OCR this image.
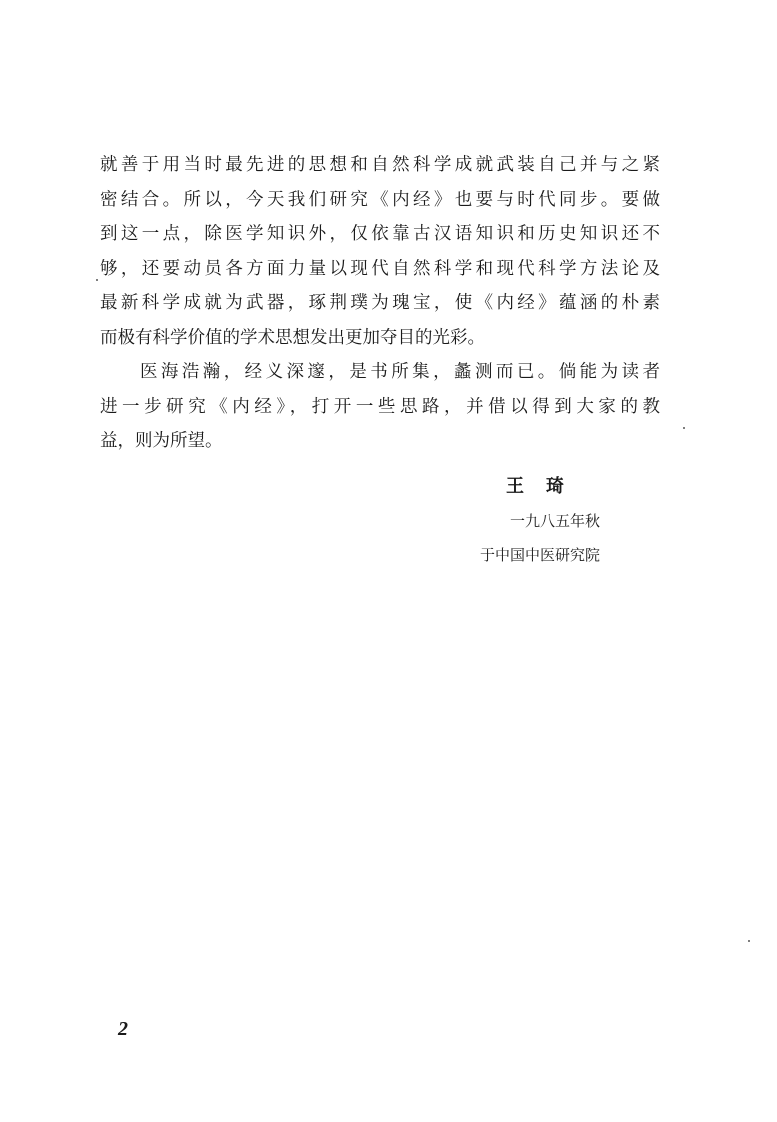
就善于用当时最先进的思想和自然科学成就武装自己并与之紧
密结合。所以，今天我们研究《内经》也要与时代同步。要做
到这一点，除医学知识外，仅依靠古汉语知识和历史知识还不
够，还要动员各方面力量以现代自然科学和现代科学方法论及
最新科学成就为武器，琢荆璞为瑰宝，使《内经》蕴涵的朴素
而极有科学价值的学术思想发出更加夺目的光彩。
医海浩瀚，经义深邃，是书所集，蠡测而已。倘能为读者
进一步研究《内经》，打开一些思路，并借以得到大家的教
益，则为所望。
王琦
一九八五年秋
于中国中医研究院
2
